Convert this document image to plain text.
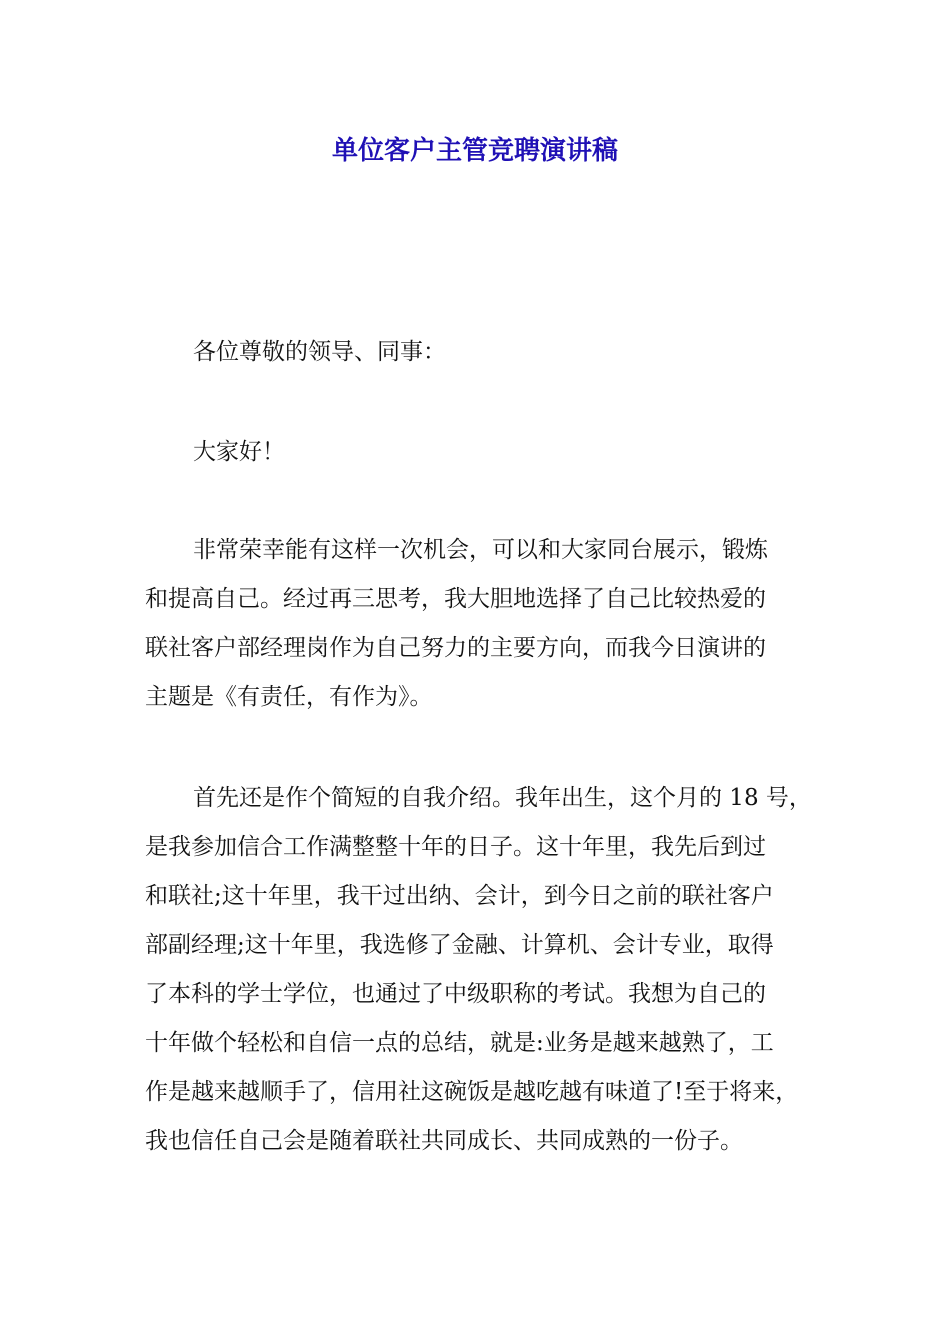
单位客户主管竞聘演讲稿
各位尊敬的领导、同事：
大家好！
非常荣幸能有这样一次机会，可以和大家同台展示，锻炼
和提高自己。经过再三思考，我大胆地选择了自己比较热爱的
联社客户部经理岗作为自己努力的主要方向，而我今日演讲的
主题是《有责任，有作为》。
首先还是作个简短的自我介绍。我年出生，这个月的 18 号，
是我参加信合工作满整整十年的日子。这十年里，我先后到过
和联社;这十年里，我干过出纳、会计，到今日之前的联社客户
部副经理;这十年里，我选修了金融、计算机、会计专业，取得
了本科的学士学位，也通过了中级职称的考试。我想为自己的
十年做个轻松和自信一点的总结，就是:业务是越来越熟了，工
作是越来越顺手了，信用社这碗饭是越吃越有味道了!至于将来，
我也信任自己会是随着联社共同成长、共同成熟的一份子。
